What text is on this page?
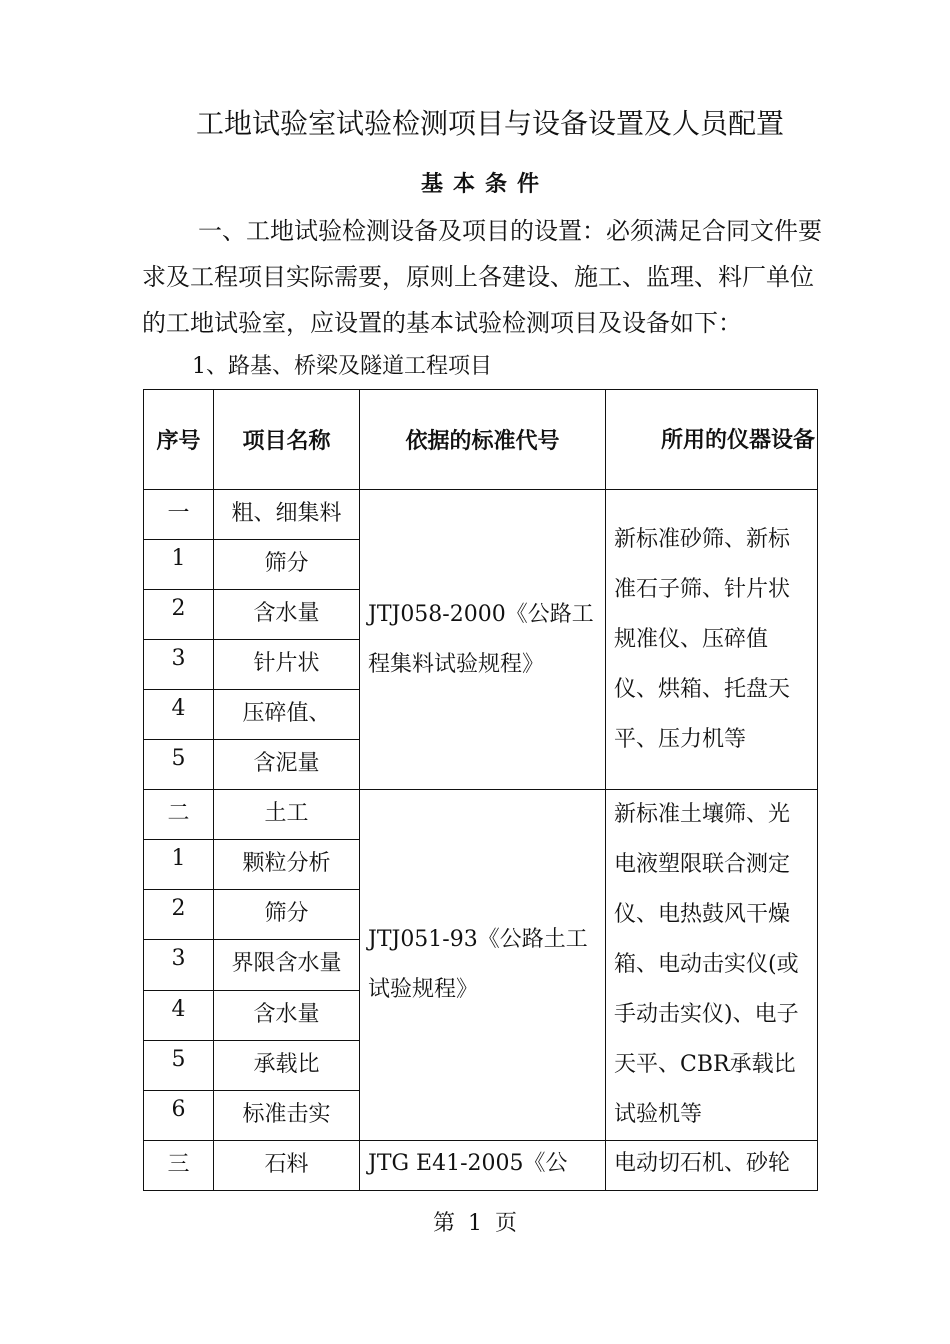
工地试验室试验检测项目与设备设置及人员配置
基本条件
一、工地试验检测设备及项目的设置：必须满足合同文件要求及工程项目实际需要，原则上各建设、施工、监理、料厂单位的工地试验室，应设置的基本试验检测项目及设备如下：
1、路基、桥梁及隧道工程项目
序号	项目名称	依据的标准代号	所用的仪器设备
一	粗、细集料	JTJ058-2000《公路工程集料试验规程》	新标准砂筛、新标准石子筛、针片状规准仪、压碎值仪、烘箱、托盘天平、压力机等
1	筛分		
2	含水量		
3	针片状		
4	压碎值、		
5	含泥量		
二	土工	JTJ051-93《公路土工试验规程》	新标准土壤筛、光电液塑限联合测定仪、电热鼓风干燥箱、电动击实仪(或手动击实仪)、电子天平、CBR承载比试验机等
1	颗粒分析		
2	筛分		
3	界限含水量		
4	含水量		
5	承载比		
6	标准击实		
三	石料	JTG E41-2005《公	电动切石机、砂轮
第 1 页
